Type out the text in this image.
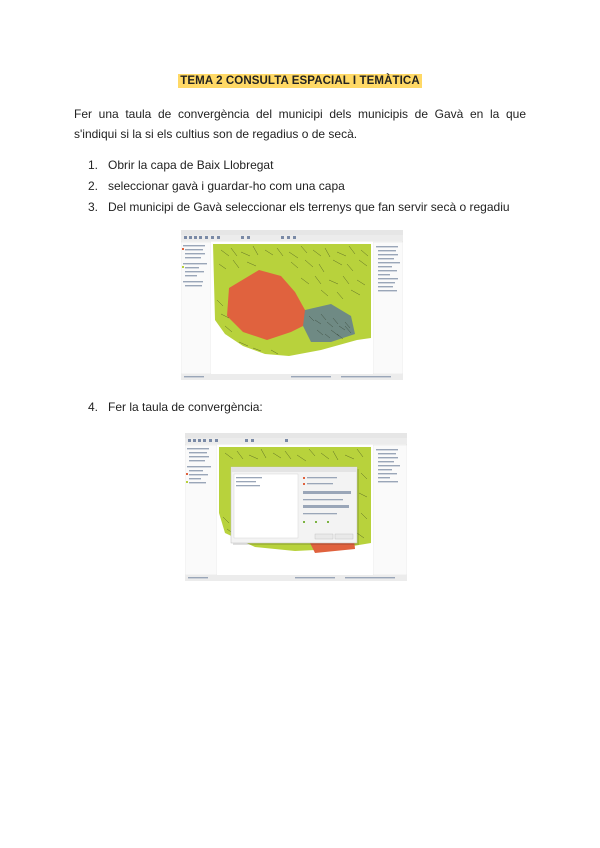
TEMA 2 CONSULTA ESPACIAL I TEMÀTICA
Fer una taula de convergència del municipi dels municipis de Gavà en la que s'indiqui si la si els cultius son de regadius o de secà.
1. Obrir la capa de Baix Llobregat
2. seleccionar gavà i guardar-ho com una capa
3. Del municipi de Gavà seleccionar els terrenys que fan servir secà o regadiu
4. Fer la taula de convergència:
